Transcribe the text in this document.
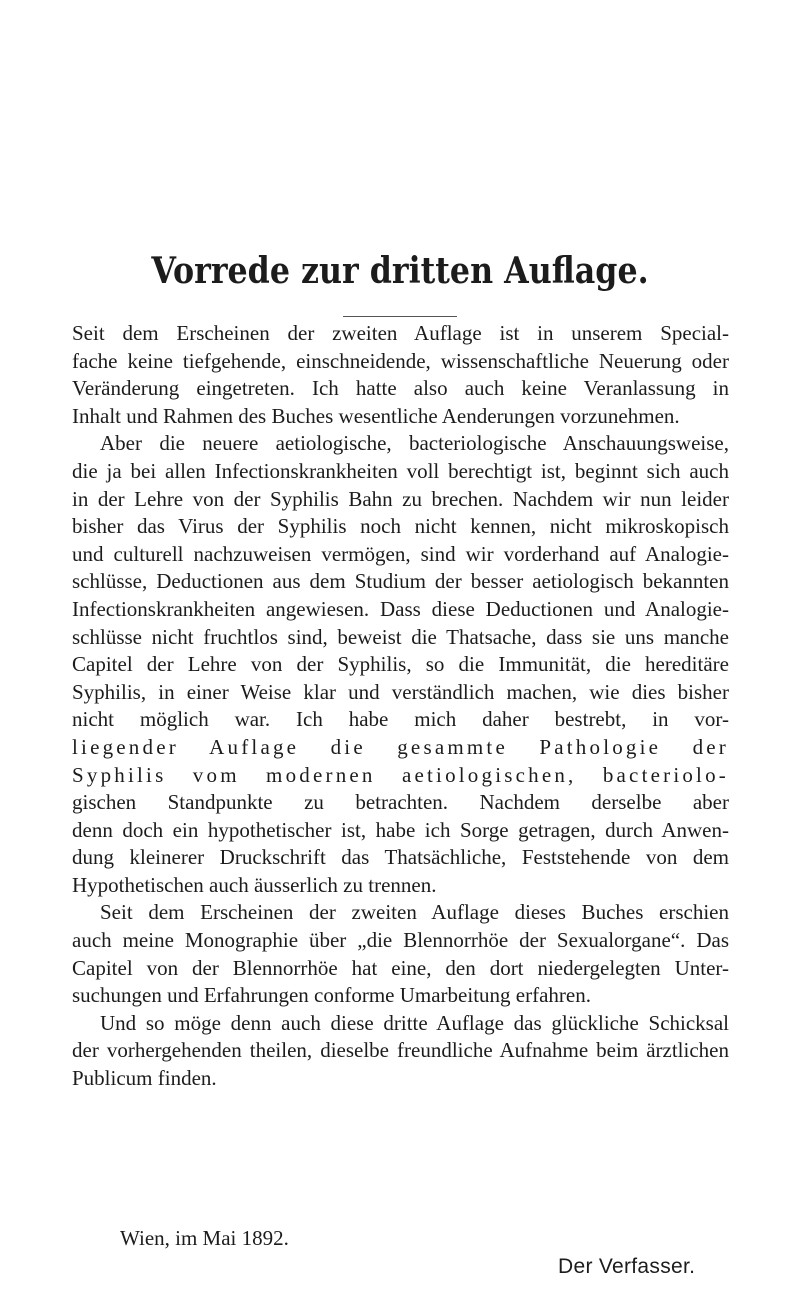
Vorrede zur dritten Auflage.
Seit dem Erscheinen der zweiten Auflage ist in unserem Special-
fache keine tiefgehende, einschneidende, wissenschaftliche Neuerung oder
Veränderung eingetreten. Ich hatte also auch keine Veranlassung in
Inhalt und Rahmen des Buches wesentliche Aenderungen vorzunehmen.
Aber die neuere aetiologische, bacteriologische Anschauungsweise,
die ja bei allen Infectionskrankheiten voll berechtigt ist, beginnt sich auch
in der Lehre von der Syphilis Bahn zu brechen. Nachdem wir nun leider
bisher das Virus der Syphilis noch nicht kennen, nicht mikroskopisch
und culturell nachzuweisen vermögen, sind wir vorderhand auf Analogie-
schlüsse, Deductionen aus dem Studium der besser aetiologisch bekannten
Infectionskrankheiten angewiesen. Dass diese Deductionen und Analogie-
schlüsse nicht fruchtlos sind, beweist die Thatsache, dass sie uns manche
Capitel der Lehre von der Syphilis, so die Immunität, die hereditäre
Syphilis, in einer Weise klar und verständlich machen, wie dies bisher
nicht möglich war. Ich habe mich daher bestrebt, in vor-
liegender Auflage die gesammte Pathologie der
Syphilis vom modernen aetiologischen, bacteriolo-
gischen Standpunkte zu betrachten. Nachdem derselbe aber
denn doch ein hypothetischer ist, habe ich Sorge getragen, durch Anwen-
dung kleinerer Druckschrift das Thatsächliche, Feststehende von dem
Hypothetischen auch äusserlich zu trennen.
Seit dem Erscheinen der zweiten Auflage dieses Buches erschien
auch meine Monographie über „die Blennorrhöe der Sexualorgane“. Das
Capitel von der Blennorrhöe hat eine, den dort niedergelegten Unter-
suchungen und Erfahrungen conforme Umarbeitung erfahren.
Und so möge denn auch diese dritte Auflage das glückliche Schicksal
der vorhergehenden theilen, dieselbe freundliche Aufnahme beim ärztlichen
Publicum finden.
Wien, im Mai 1892.
Der Verfasser.
